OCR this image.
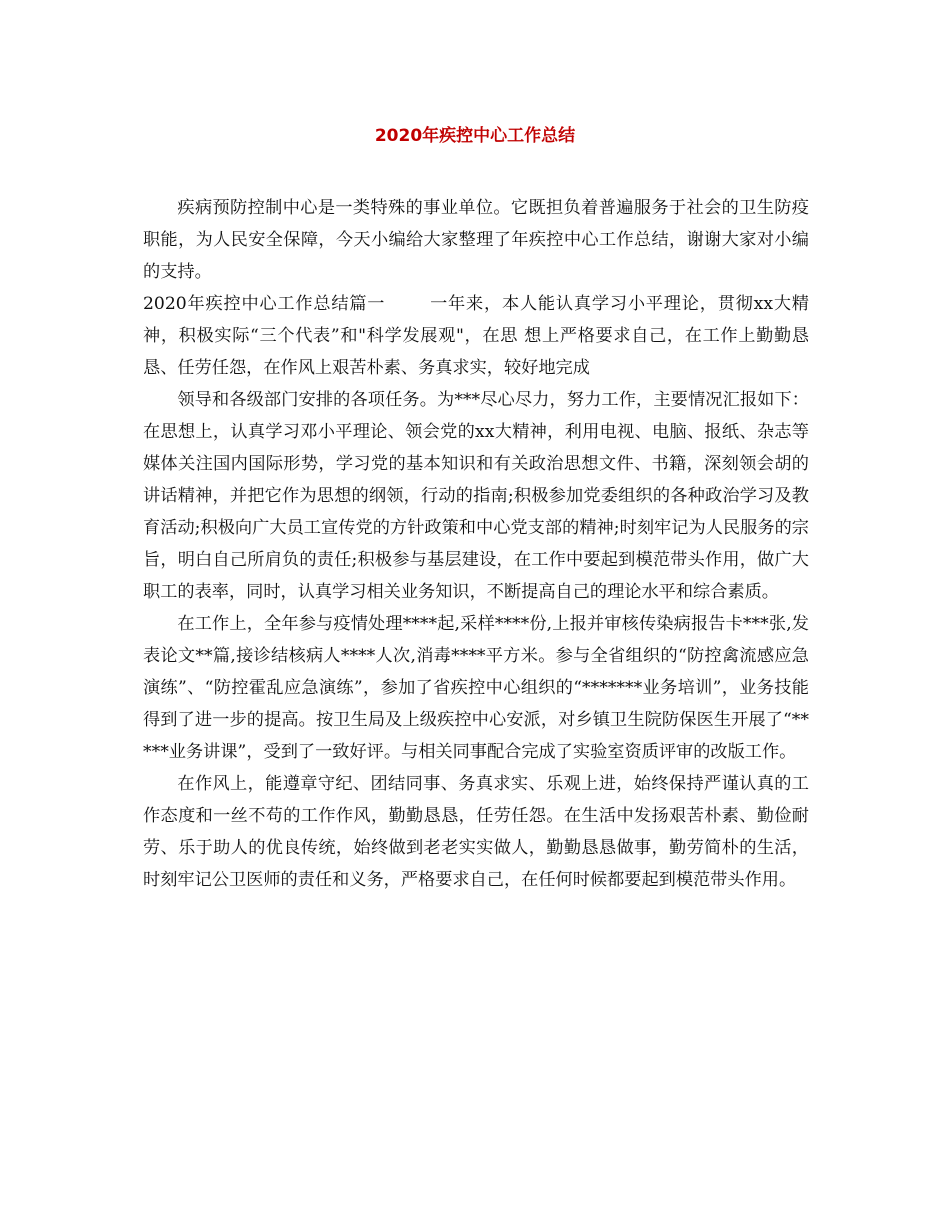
2020年疾控中心工作总结

疾病预防控制中心是一类特殊的事业单位。它既担负着普遍服务于社会的卫生防疫职能，为人民安全保障，今天小编给大家整理了年疾控中心工作总结，谢谢大家对小编的支持。

2020年疾控中心工作总结篇一	一年来，本人能认真学习小平理论，贯彻xx大精神，积极实际“三个代表”和"科学发展观"，在思 想上严格要求自己，在工作上勤勤恳恳、任劳任怨，在作风上艰苦朴素、务真求实，较好地完成

领导和各级部门安排的各项任务。为***尽心尽力，努力工作，主要情况汇报如下：在思想上，认真学习邓小平理论、领会党的xx大精神，利用电视、电脑、报纸、杂志等媒体关注国内国际形势，学习党的基本知识和有关政治思想文件、书籍，深刻领会胡的讲话精神，并把它作为思想的纲领，行动的指南;积极参加党委组织的各种政治学习及教育活动;积极向广大员工宣传党的方针政策和中心党支部的精神;时刻牢记为人民服务的宗旨，明白自己所肩负的责任;积极参与基层建设，在工作中要起到模范带头作用，做广大职工的表率，同时，认真学习相关业务知识，不断提高自己的理论水平和综合素质。

在工作上，全年参与疫情处理****起,采样****份,上报并审核传染病报告卡***张,发表论文**篇,接诊结核病人****人次,消毒****平方米。参与全省组织的“防控禽流感应急演练”、“防控霍乱应急演练”，参加了省疾控中心组织的“*******业务培训”，业务技能得到了进一步的提高。按卫生局及上级疾控中心安派，对乡镇卫生院防保医生开展了“*****业务讲课”，受到了一致好评。与相关同事配合完成了实验室资质评审的改版工作。

在作风上，能遵章守纪、团结同事、务真求实、乐观上进，始终保持严谨认真的工作态度和一丝不苟的工作作风，勤勤恳恳，任劳任怨。在生活中发扬艰苦朴素、勤俭耐劳、乐于助人的优良传统，始终做到老老实实做人，勤勤恳恳做事，勤劳简朴的生活，时刻牢记公卫医师的责任和义务，严格要求自己，在任何时候都要起到模范带头作用。
